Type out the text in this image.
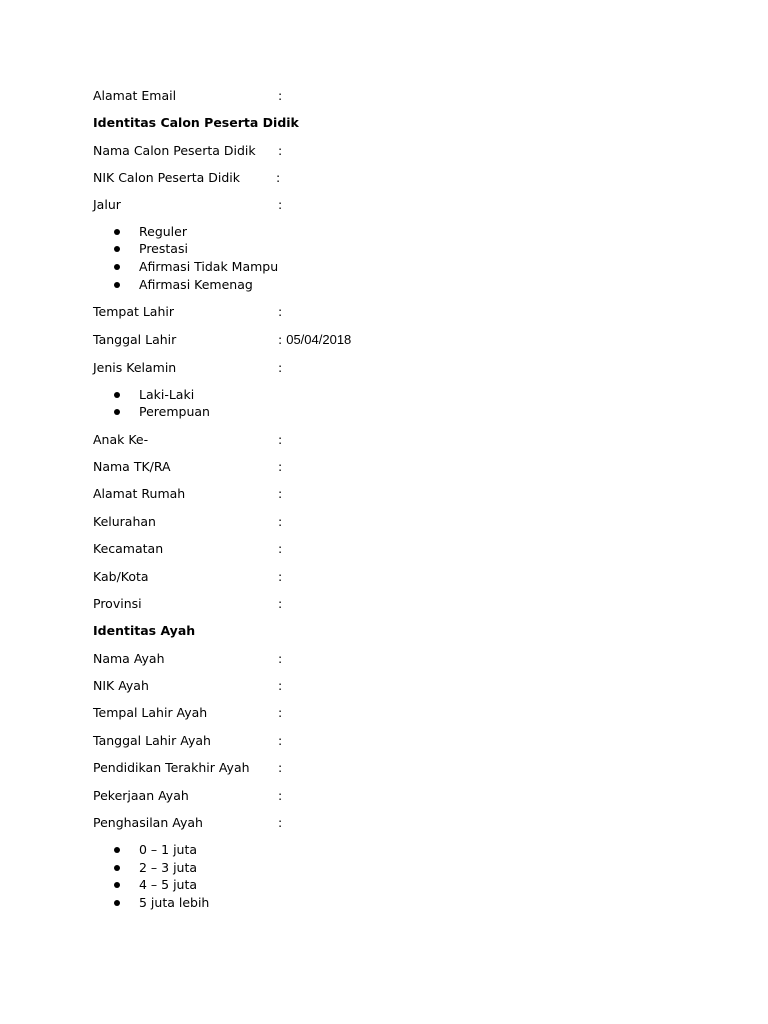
Alamat Email	:
Identitas Calon Peserta Didik
Nama Calon Peserta Didik :
NIK Calon Peserta Didik	:
Jalur	:
Reguler
Prestasi
Afirmasi Tidak Mampu
Afirmasi Kemenag
Tempat Lahir	:
Tanggal Lahir	: 05/04/2018
Jenis Kelamin	:
Laki-Laki
Perempuan
Anak Ke-	:
Nama TK/RA	:
Alamat Rumah	:
Kelurahan	:
Kecamatan	:
Kab/Kota	:
Provinsi	:
Identitas Ayah
Nama Ayah	:
NIK Ayah	:
Tempal Lahir Ayah	:
Tanggal Lahir Ayah	:
Pendidikan Terakhir Ayah :
Pekerjaan Ayah	:
Penghasilan Ayah	:
0 – 1 juta
2 – 3 juta
4 – 5 juta
5 juta lebih
